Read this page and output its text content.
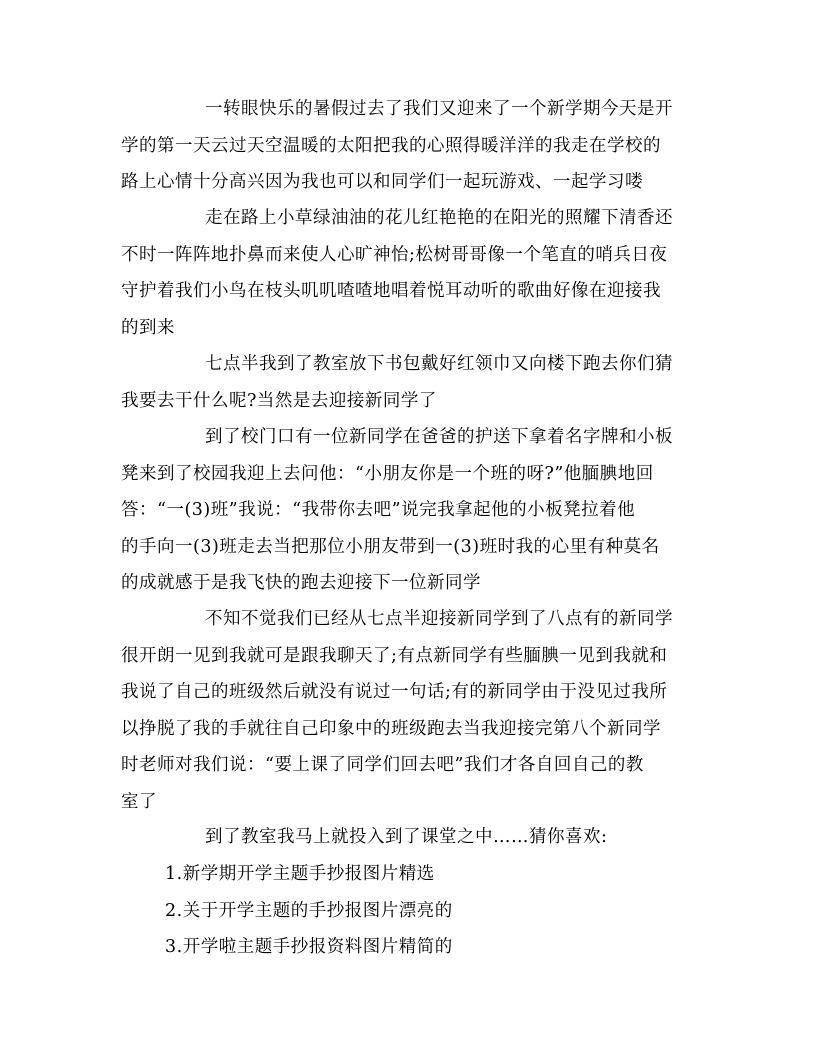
一转眼快乐的暑假过去了我们又迎来了一个新学期今天是开
学的第一天云过天空温暖的太阳把我的心照得暖洋洋的我走在学校的
路上心情十分高兴因为我也可以和同学们一起玩游戏、一起学习喽
走在路上小草绿油油的花儿红艳艳的在阳光的照耀下清香还
不时一阵阵地扑鼻而来使人心旷神怡;松树哥哥像一个笔直的哨兵日夜
守护着我们小鸟在枝头叽叽喳喳地唱着悦耳动听的歌曲好像在迎接我
的到来
七点半我到了教室放下书包戴好红领巾又向楼下跑去你们猜
我要去干什么呢?当然是去迎接新同学了
到了校门口有一位新同学在爸爸的护送下拿着名字牌和小板
凳来到了校园我迎上去问他：“小朋友你是一个班的呀?”他腼腆地回
答：“一(3)班”我说：“我带你去吧”说完我拿起他的小板凳拉着他
的手向一(3)班走去当把那位小朋友带到一(3)班时我的心里有种莫名
的成就感于是我飞快的跑去迎接下一位新同学
不知不觉我们已经从七点半迎接新同学到了八点有的新同学
很开朗一见到我就可是跟我聊天了;有点新同学有些腼腆一见到我就和
我说了自己的班级然后就没有说过一句话;有的新同学由于没见过我所
以挣脱了我的手就往自己印象中的班级跑去当我迎接完第八个新同学
时老师对我们说：“要上课了同学们回去吧”我们才各自回自己的教
室了
到了教室我马上就投入到了课堂之中……猜你喜欢:
1.新学期开学主题手抄报图片精选
2.关于开学主题的手抄报图片漂亮的
3.开学啦主题手抄报资料图片精简的
